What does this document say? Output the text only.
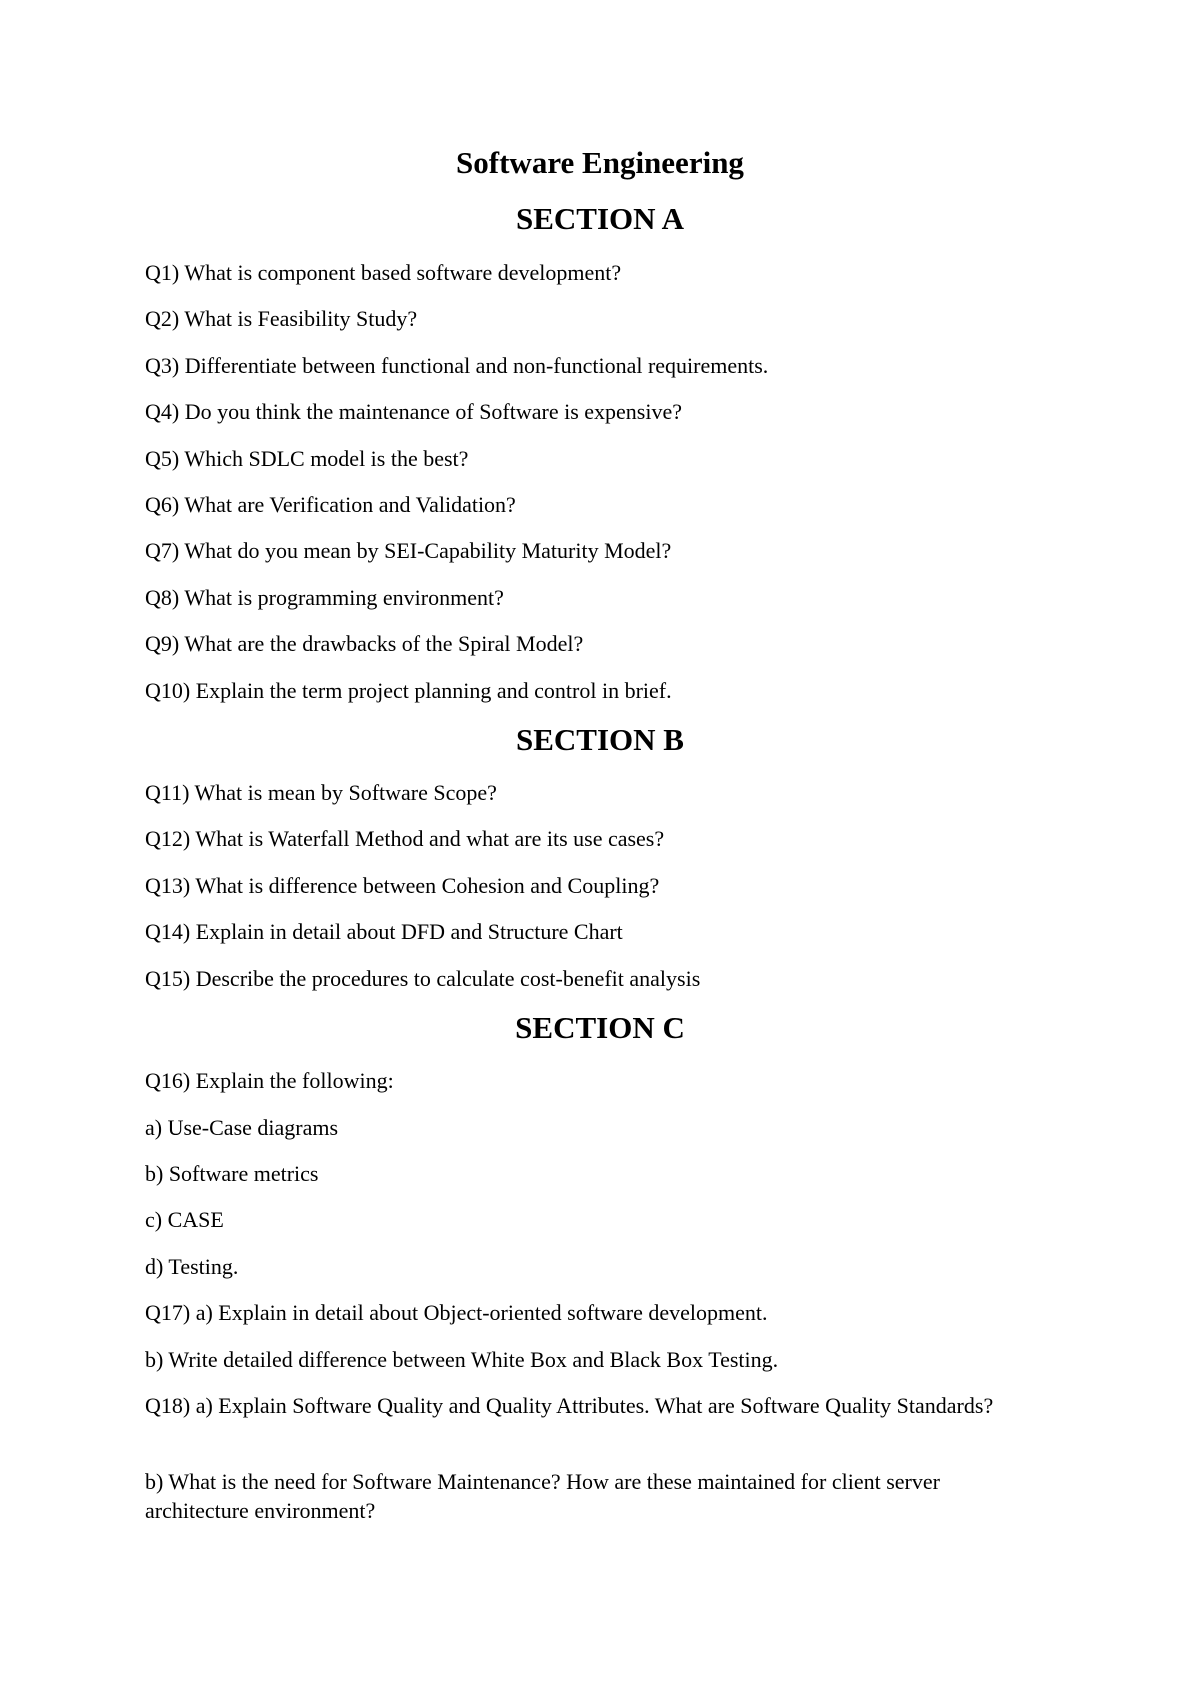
Software Engineering
SECTION A

Q1) What is component based software development?

Q2) What is Feasibility Study?

Q3) Differentiate between functional and non-functional requirements.

Q4) Do you think the maintenance of Software is expensive?

Q5) Which SDLC model is the best?

Q6) What are Verification and Validation?

Q7) What do you mean by SEI-Capability Maturity Model?

Q8) What is programming environment?

Q9) What are the drawbacks of the Spiral Model?

Q10) Explain the term project planning and control in brief.

SECTION B

Q11) What is mean by Software Scope?

Q12) What is Waterfall Method and what are its use cases?

Q13) What is difference between Cohesion and Coupling?

Q14) Explain in detail about DFD and Structure Chart

Q15) Describe the procedures to calculate cost-benefit analysis

SECTION C

Q16) Explain the following:

a) Use-Case diagrams

b) Software metrics

c) CASE

d) Testing.

Q17) a) Explain in detail about Object-oriented software development.

b) Write detailed difference between White Box and Black Box Testing.

Q18) a) Explain Software Quality and Quality Attributes. What are Software Quality Standards?

b) What is the need for Software Maintenance? How are these maintained for client server architecture environment?
